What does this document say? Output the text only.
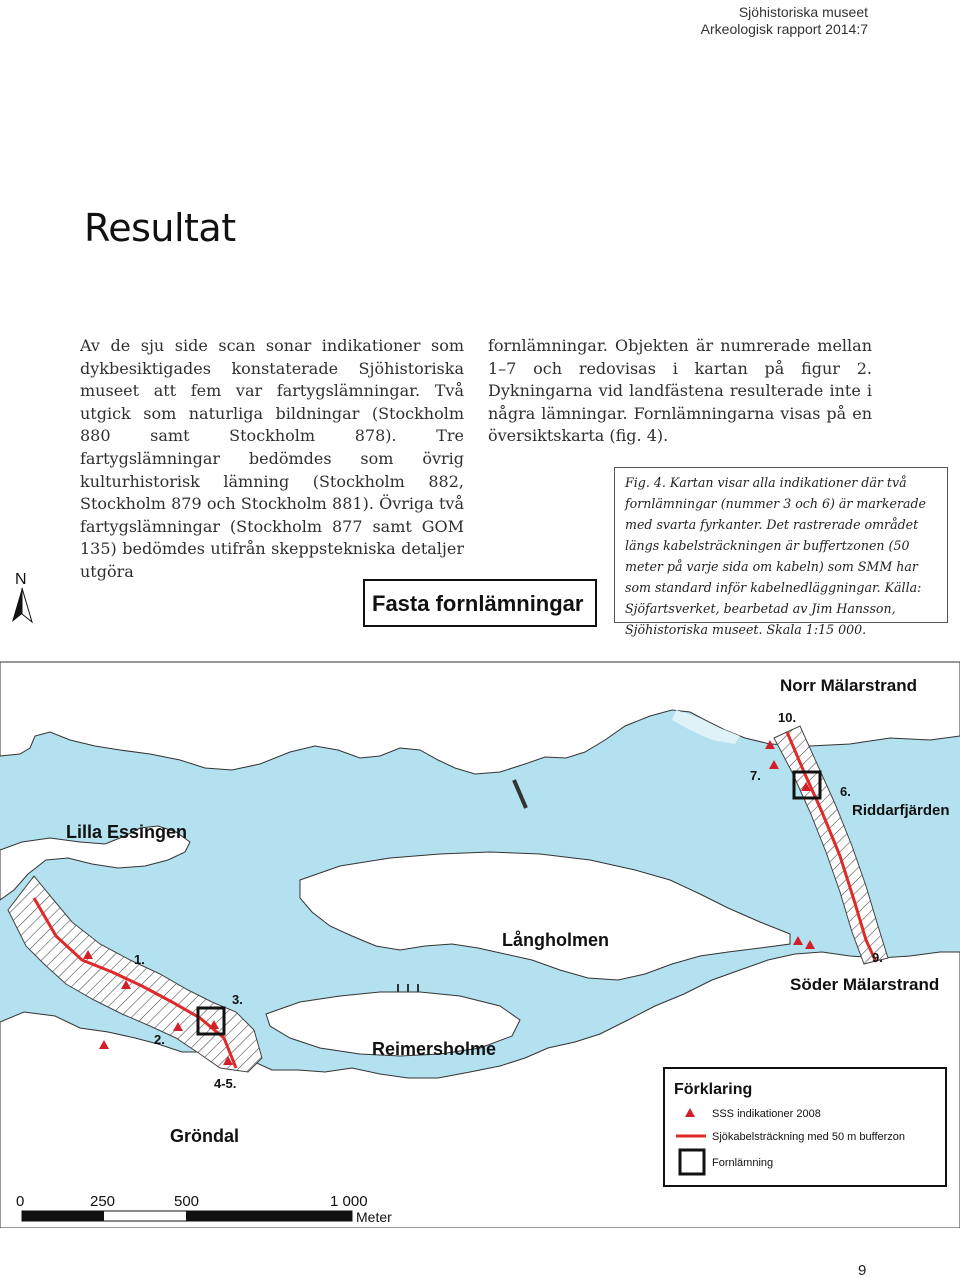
Sjöhistoriska museet
Arkeologisk rapport 2014:7
Resultat

Av de sju side scan sonar indikationer som dykbesiktigades konstaterade Sjöhistoriska museet att fem var fartygslämningar. Två utgick som naturliga bildningar (Stockholm 880 samt Stockholm 878). Tre fartygslämningar bedömdes som övrig kulturhistorisk lämning (Stockholm 882, Stockholm 879 och Stockholm 881). Övriga två fartygslämningar (Stockholm 877 samt GOM 135) bedömdes utifrån skeppstekniska detaljer utgöra

fornlämningar. Objekten är numrerade mellan 1–7 och redovisas i kartan på figur 2. Dykningarna vid landfästena resulterade inte i några lämningar. Fornlämningarna visas på en översiktskarta (fig. 4).

Fig. 4. Kartan visar alla indikationer där två fornlämningar (nummer 3 och 6) är markerade med svarta fyrkanter. Det rastrerade området längs kabelsträckningen är buffertzonen (50 meter på varje sida om kabeln) som SMM har som standard inför kabelnedläggningar. Källa: Sjöfartsverket, bearbetad av Jim Hansson, Sjöhistoriska museet. Skala 1:15 000.
N
Fasta fornlämningar
Norr Mälarstrand
Riddarfjärden
Lilla Essingen
Långholmen
Söder Mälarstrand
Reimersholme
Gröndal
1.
2.
3.
4-5.
6.
7.
9.
10.
Förklaring
SSS indikationer 2008
Sjökabelsträckning med 50 m bufferzon
Fornlämning
0	250	500	1 000
Meter
9
